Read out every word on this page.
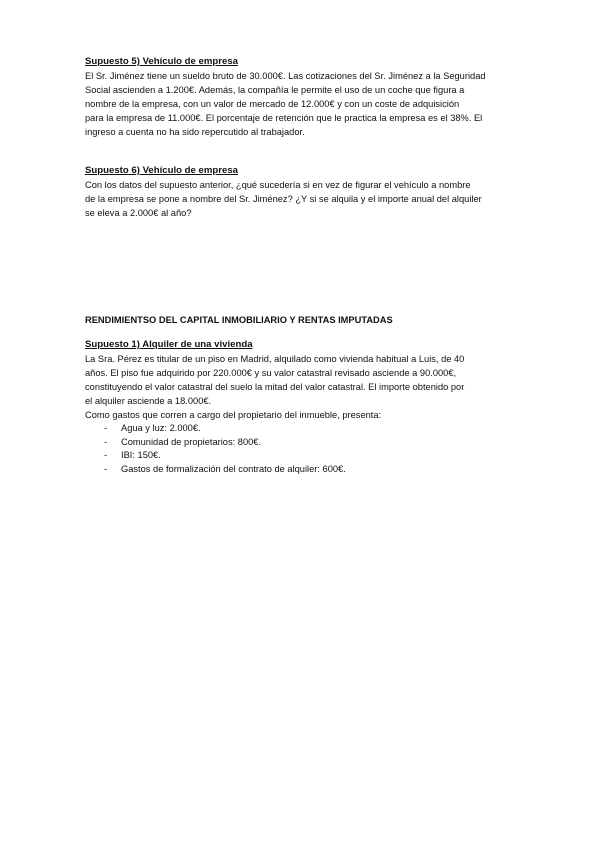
Supuesto 5) Vehículo de empresa

El Sr. Jiménez tiene un sueldo bruto de 30.000€. Las cotizaciones del Sr. Jiménez a la Seguridad

Social ascienden a 1.200€. Además, la compañía le permite el uso de un coche que figura a

nombre de la empresa, con un valor de mercado de 12.000€ y con un coste de adquisición

para la empresa de 11.000€. El porcentaje de retención que le practica la empresa es el 38%. El

ingreso a cuenta no ha sido repercutido al trabajador.

Supuesto 6) Vehículo de empresa

Con los datos del supuesto anterior, ¿qué sucedería si en vez de figurar el vehículo a nombre

de la empresa se pone a nombre del Sr. Jiménez? ¿Y si se alquila y el importe anual del alquiler

se eleva a 2.000€ al año?

RENDIMIENTSO DEL CAPITAL INMOBILIARIO Y RENTAS IMPUTADAS

Supuesto 1) Alquiler de una vivienda

La Sra. Pérez es titular de un piso en Madrid, alquilado como vivienda habitual a Luis, de 40

años. El piso fue adquirido por 220.000€ y su valor catastral revisado asciende a 90.000€,

constituyendo el valor catastral del suelo la mitad del valor catastral. El importe obtenido por

el alquiler asciende a 18.000€.

Como gastos que corren a cargo del propietario del inmueble, presenta:

- Agua y luz: 2.000€.
- Comunidad de propietarios: 800€.
- IBI: 150€.
- Gastos de formalización del contrato de alquiler: 600€.
